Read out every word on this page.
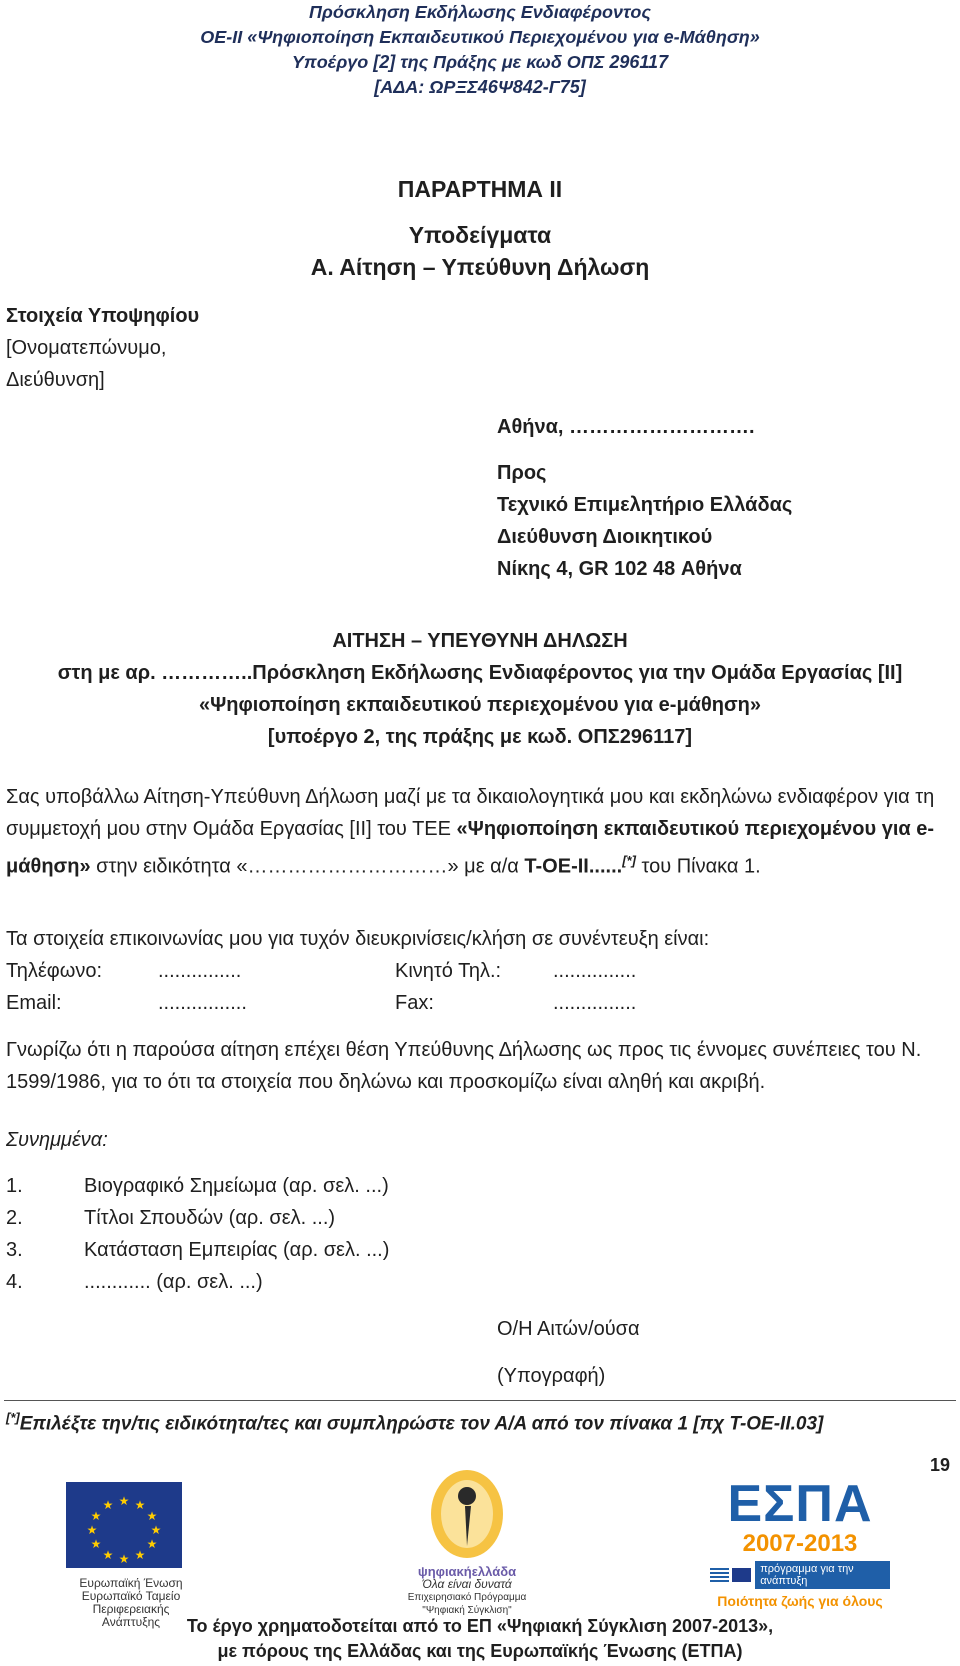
Πρόσκληση Εκδήλωσης Ενδιαφέροντος
ΟΕ-ΙΙ «Ψηφιοποίηση Εκπαιδευτικού Περιεχομένου για e-Μάθηση»
Υποέργο [2] της Πράξης με κωδ ΟΠΣ 296117
[ΑΔΑ: ΩΡΞΣ46Ψ842-Γ75]
ΠΑΡΑΡΤΗΜΑ ΙΙ
Υποδείγματα
Α. Αίτηση – Υπεύθυνη Δήλωση
Στοιχεία Υποψηφίου
[Ονοματεπώνυμο,
Διεύθυνση]
Αθήνα, ……………………….
Προς
Τεχνικό Επιμελητήριο Ελλάδας
Διεύθυνση Διοικητικού
Νίκης 4, GR 102 48 Αθήνα
ΑΙΤΗΣΗ – ΥΠΕΥΘΥΝΗ ΔΗΛΩΣΗ
στη με αρ. …………..Πρόσκληση Εκδήλωσης Ενδιαφέροντος για την Ομάδα Εργασίας [ΙΙ]
«Ψηφιοποίηση εκπαιδευτικού περιεχομένου για e-μάθηση»
[υποέργο 2, της πράξης με κωδ. ΟΠΣ296117]
Σας υποβάλλω Αίτηση-Υπεύθυνη Δήλωση μαζί με τα δικαιολογητικά μου και εκδηλώνω ενδιαφέρον για τη συμμετοχή μου στην Ομάδα Εργασίας [ΙΙ] του ΤΕΕ «Ψηφιοποίηση εκπαιδευτικού περιεχομένου για e-μάθηση» στην ειδικότητα «…………………………» με α/α Τ-ΟΕ-ΙΙ......[*] του Πίνακα 1.
Τα στοιχεία επικοινωνίας μου για τυχόν διευκρινίσεις/κλήση σε συνέντευξη είναι:
Τηλέφωνο:	...............	Κινητό Τηλ.:	...............
Email:	................	Fax:	...............
Γνωρίζω ότι η παρούσα αίτηση επέχει θέση Υπεύθυνης Δήλωσης ως προς τις έννομες συνέπειες του Ν. 1599/1986, για το ότι τα στοιχεία που δηλώνω και προσκομίζω είναι αληθή και ακριβή.
Συνημμένα:
1.	Βιογραφικό Σημείωμα (αρ. σελ. ...)
2.	Τίτλοι Σπουδών (αρ. σελ. ...)
3.	Κατάσταση Εμπειρίας (αρ. σελ. ...)
4.	............ (αρ. σελ. ...)
Ο/Η Αιτών/ούσα
(Υπογραφή)
[*]Επιλέξτε την/τις ειδικότητα/τες και συμπληρώστε τον Α/Α από τον πίνακα 1 [πχ Τ-ΟΕ-ΙΙ.03]
19
★ ★
★
★
★
★
★
★
★
★
★
★
Ευρωπαϊκή Ένωση
Ευρωπαϊκό Ταμείο
Περιφερειακής Ανάπτυξης
ψηφιακήελλάδα
Όλα είναι δυνατά
Επιχειρησιακό Πρόγραμμα
"Ψηφιακή Σύγκλιση"
ΕΣΠΑ
2007-2013
πρόγραμμα για την ανάπτυξη
Ποιότητα ζωής για όλους
Το έργο χρηματοδοτείται από το ΕΠ «Ψηφιακή Σύγκλιση 2007-2013»,
με πόρους της Ελλάδας και της Ευρωπαϊκής Ένωσης (ΕΤΠΑ)
